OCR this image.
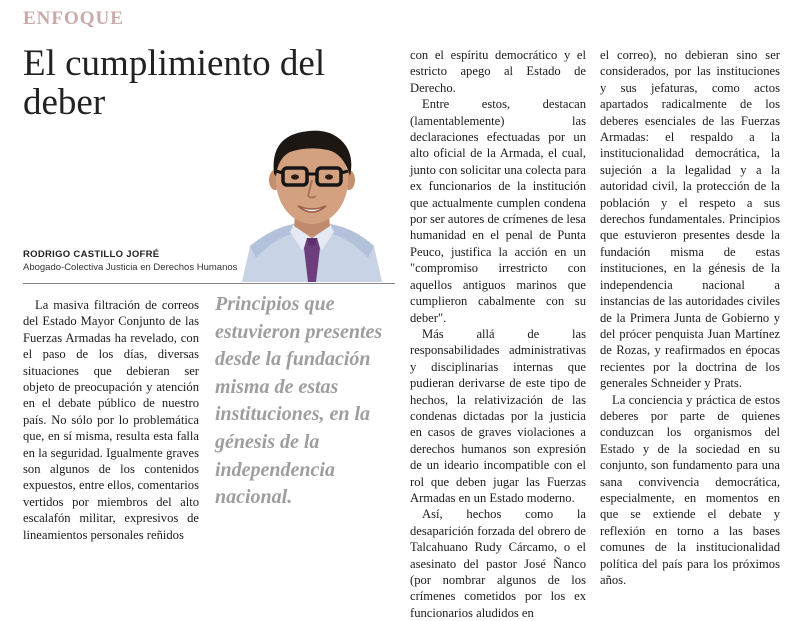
ENFOQUE
El cumplimiento del deber
RODRIGO CASTILLO JOFRÉ
Abogado-Colectiva Justicia en Derechos Humanos

La masiva filtración de correos del Estado Mayor Conjunto de las Fuerzas Armadas ha revelado, con el paso de los días, diversas situaciones que debieran ser objeto de preocupación y atención en el debate público de nuestro país. No sólo por lo problemática que, en sí misma, resulta esta falla en la seguridad. Igualmente graves son algunos de los contenidos expuestos, entre ellos, comentarios vertidos por miembros del alto escalafón militar, expresivos de lineamientos personales reñidos

Principios que estuvieron presentes desde la fundación misma de estas instituciones, en la génesis de la independencia nacional.

con el espíritu democrático y el estricto apego al Estado de Derecho.

Entre estos, destacan (lamentablemente) las declaraciones efectuadas por un alto oficial de la Armada, el cual, junto con solicitar una colecta para ex funcionarios de la institución que actualmente cumplen condena por ser autores de crímenes de lesa humanidad en el penal de Punta Peuco, justifica la acción en un "compromiso irrestricto con aquellos antiguos marinos que cumplieron cabalmente con su deber".

Más allá de las responsabilidades administrativas y disciplinarias internas que pudieran derivarse de este tipo de hechos, la relativización de las condenas dictadas por la justicia en casos de graves violaciones a derechos humanos son expresión de un ideario incompatible con el rol que deben jugar las Fuerzas Armadas en un Estado moderno.

Así, hechos como la desaparición forzada del obrero de Talcahuano Rudy Cárcamo, o el asesinato del pastor José Ñanco (por nombrar algunos de los crímenes cometidos por los ex funcionarios aludidos en

el correo), no debieran sino ser considerados, por las instituciones y sus jefaturas, como actos apartados radicalmente de los deberes esenciales de las Fuerzas Armadas: el respaldo a la institucionalidad democrática, la sujeción a la legalidad y a la autoridad civil, la protección de la población y el respeto a sus derechos fundamentales. Principios que estuvieron presentes desde la fundación misma de estas instituciones, en la génesis de la independencia nacional a instancias de las autoridades civiles de la Primera Junta de Gobierno y del prócer penquista Juan Martínez de Rozas, y reafirmados en épocas recientes por la doctrina de los generales Schneider y Prats.

La conciencia y práctica de estos deberes por parte de quienes conduzcan los organismos del Estado y de la sociedad en su conjunto, son fundamento para una sana convivencia democrática, especialmente, en momentos en que se extiende el debate y reflexión en torno a las bases comunes de la institucionalidad política del país para los próximos años.
